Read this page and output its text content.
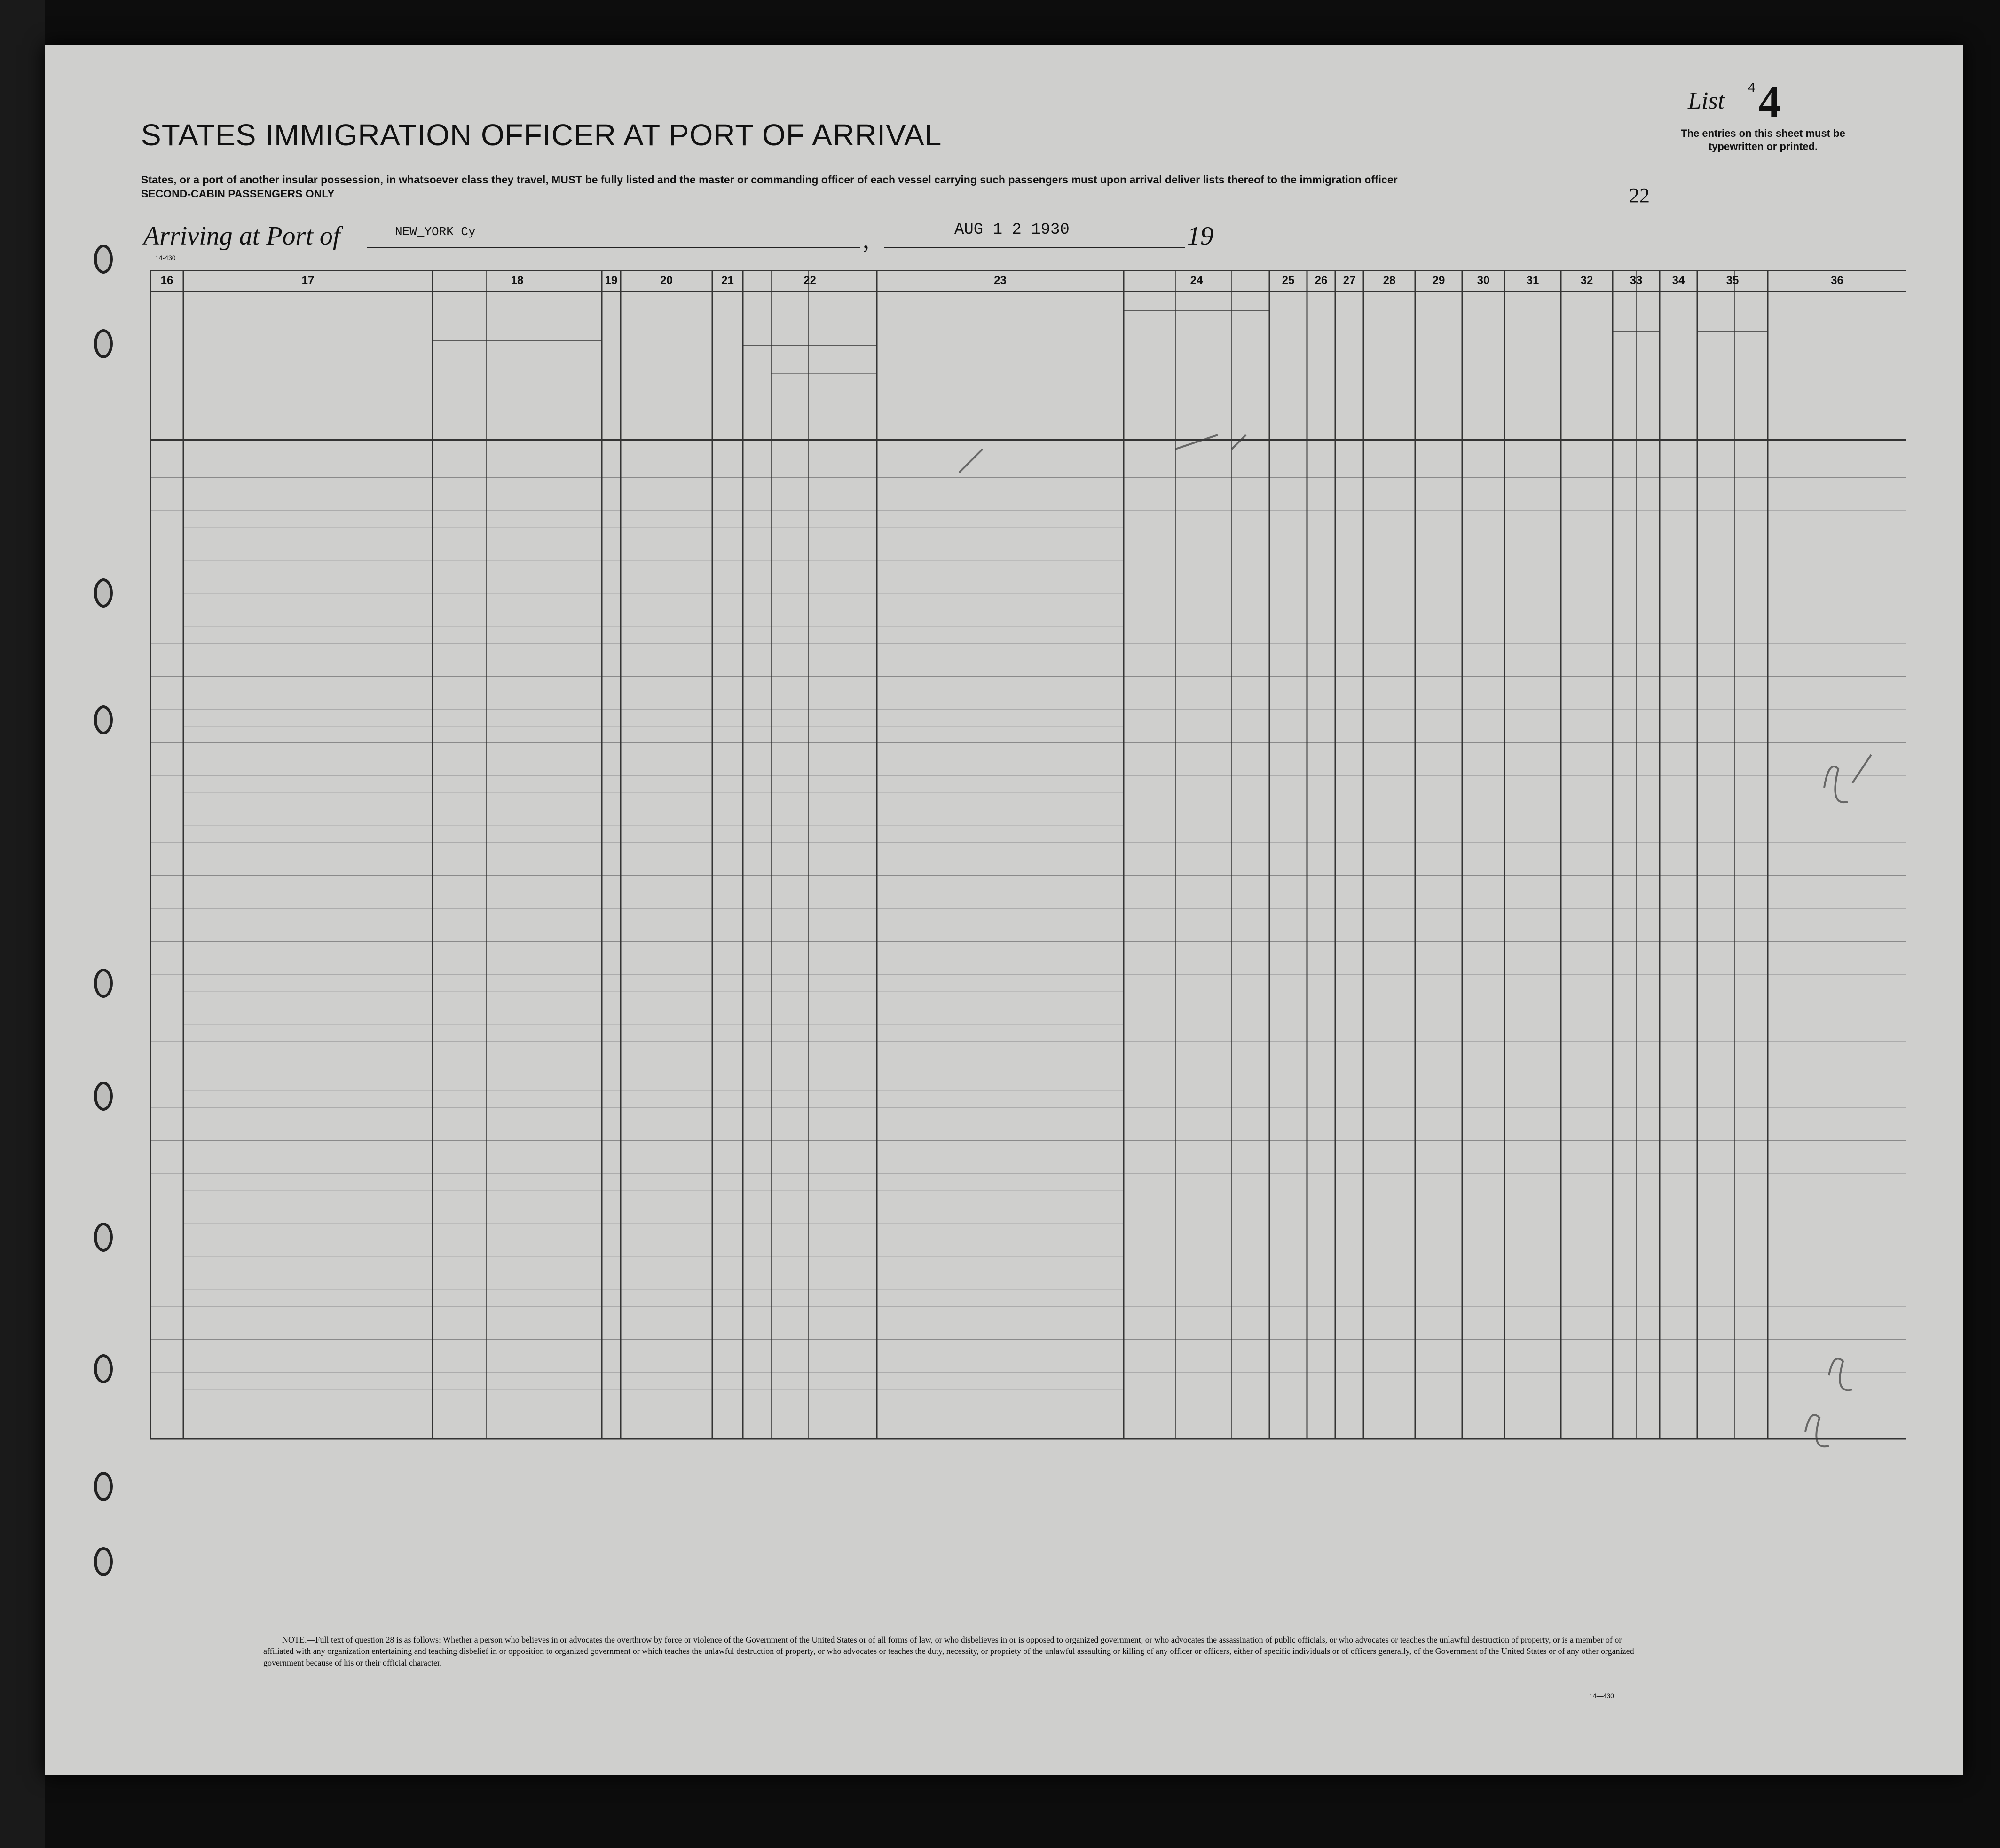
List
4 4
The entries on this sheet must be typewritten or printed.
STATES IMMIGRATION OFFICER AT PORT OF ARRIVAL
States, or a port of another insular possession, in whatsoever class they travel, MUST be fully listed and the master or commanding officer of each vessel carrying such passengers must upon arrival deliver lists thereof to the immigration officer
SECOND-CABIN PASSENGERS ONLY	22
Arriving at Port of	NEW_YORK Cy	,	AUG 1 2 1930	19
14-430
16	17	18	19	20	21	22	23	24	25	26	27	28	29	30	31	32	33	34	35	36
NOTE.—Full text of question 28 is as follows: Whether a person who believes in or advocates the overthrow by force or violence of the Government of the United States or of all forms of law, or who disbelieves in or is opposed to organized government, or who advocates the assassination of public officials, or who advocates or teaches the unlawful destruction of property, or is a member of or affiliated with any organization entertaining and teaching disbelief in or opposition to organized government or which teaches the unlawful destruction of property, or who advocates or teaches the duty, necessity, or propriety of the unlawful assaulting or killing of any officer or officers, either of specific individuals or of officers generally, of the Government of the United States or of any other organized government because of his or their official character.
14—430
